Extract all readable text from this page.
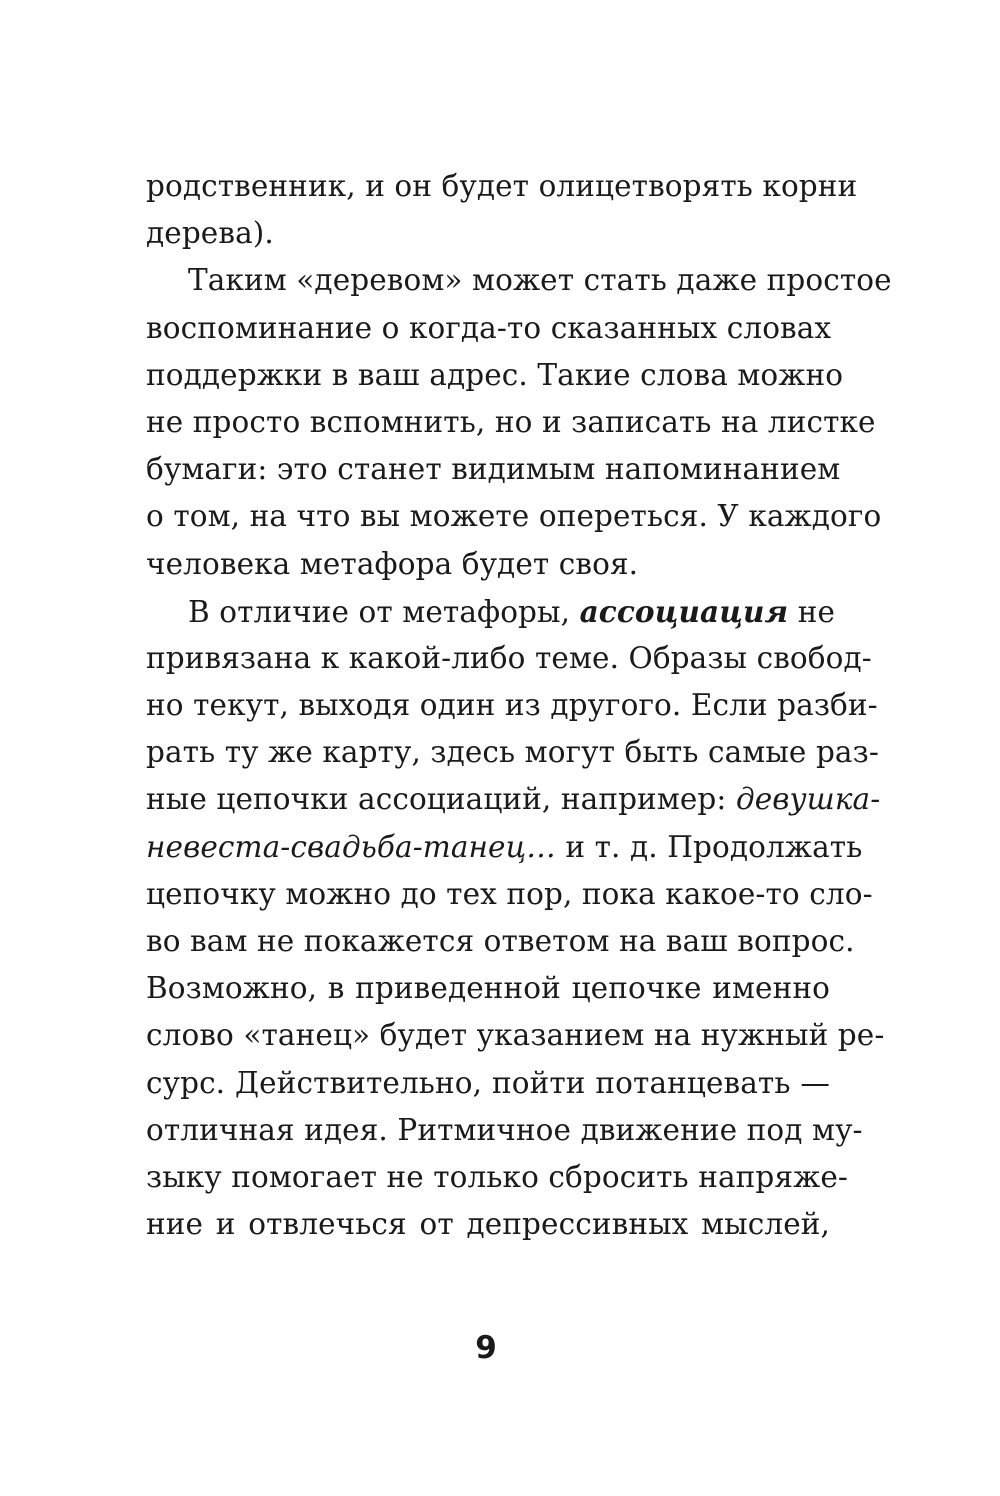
родственник, и он будет олицетворять корни
дерева).
Таким «деревом» может стать даже простое
воспоминание о когда-то сказанных словах
поддержки в ваш адрес. Такие слова можно
не просто вспомнить, но и записать на листке
бумаги: это станет видимым напоминанием
о том, на что вы можете опереться. У каждого
человека метафора будет своя.
В отличие от метафоры, ассоциация не
привязана к какой-либо теме. Образы свобод-
но текут, выходя один из другого. Если разби-
рать ту же карту, здесь могут быть самые раз-
ные цепочки ассоциаций, например: девушка-
невеста-свадьба-танец… и т. д. Продолжать
цепочку можно до тех пор, пока какое-то сло-
во вам не покажется ответом на ваш вопрос.
Возможно, в приведенной цепочке именно
слово «танец» будет указанием на нужный ре-
сурс. Действительно, пойти потанцевать —
отличная идея. Ритмичное движение под му-
зыку помогает не только сбросить напряже-
ние и отвлечься от депрессивных мыслей,
9
